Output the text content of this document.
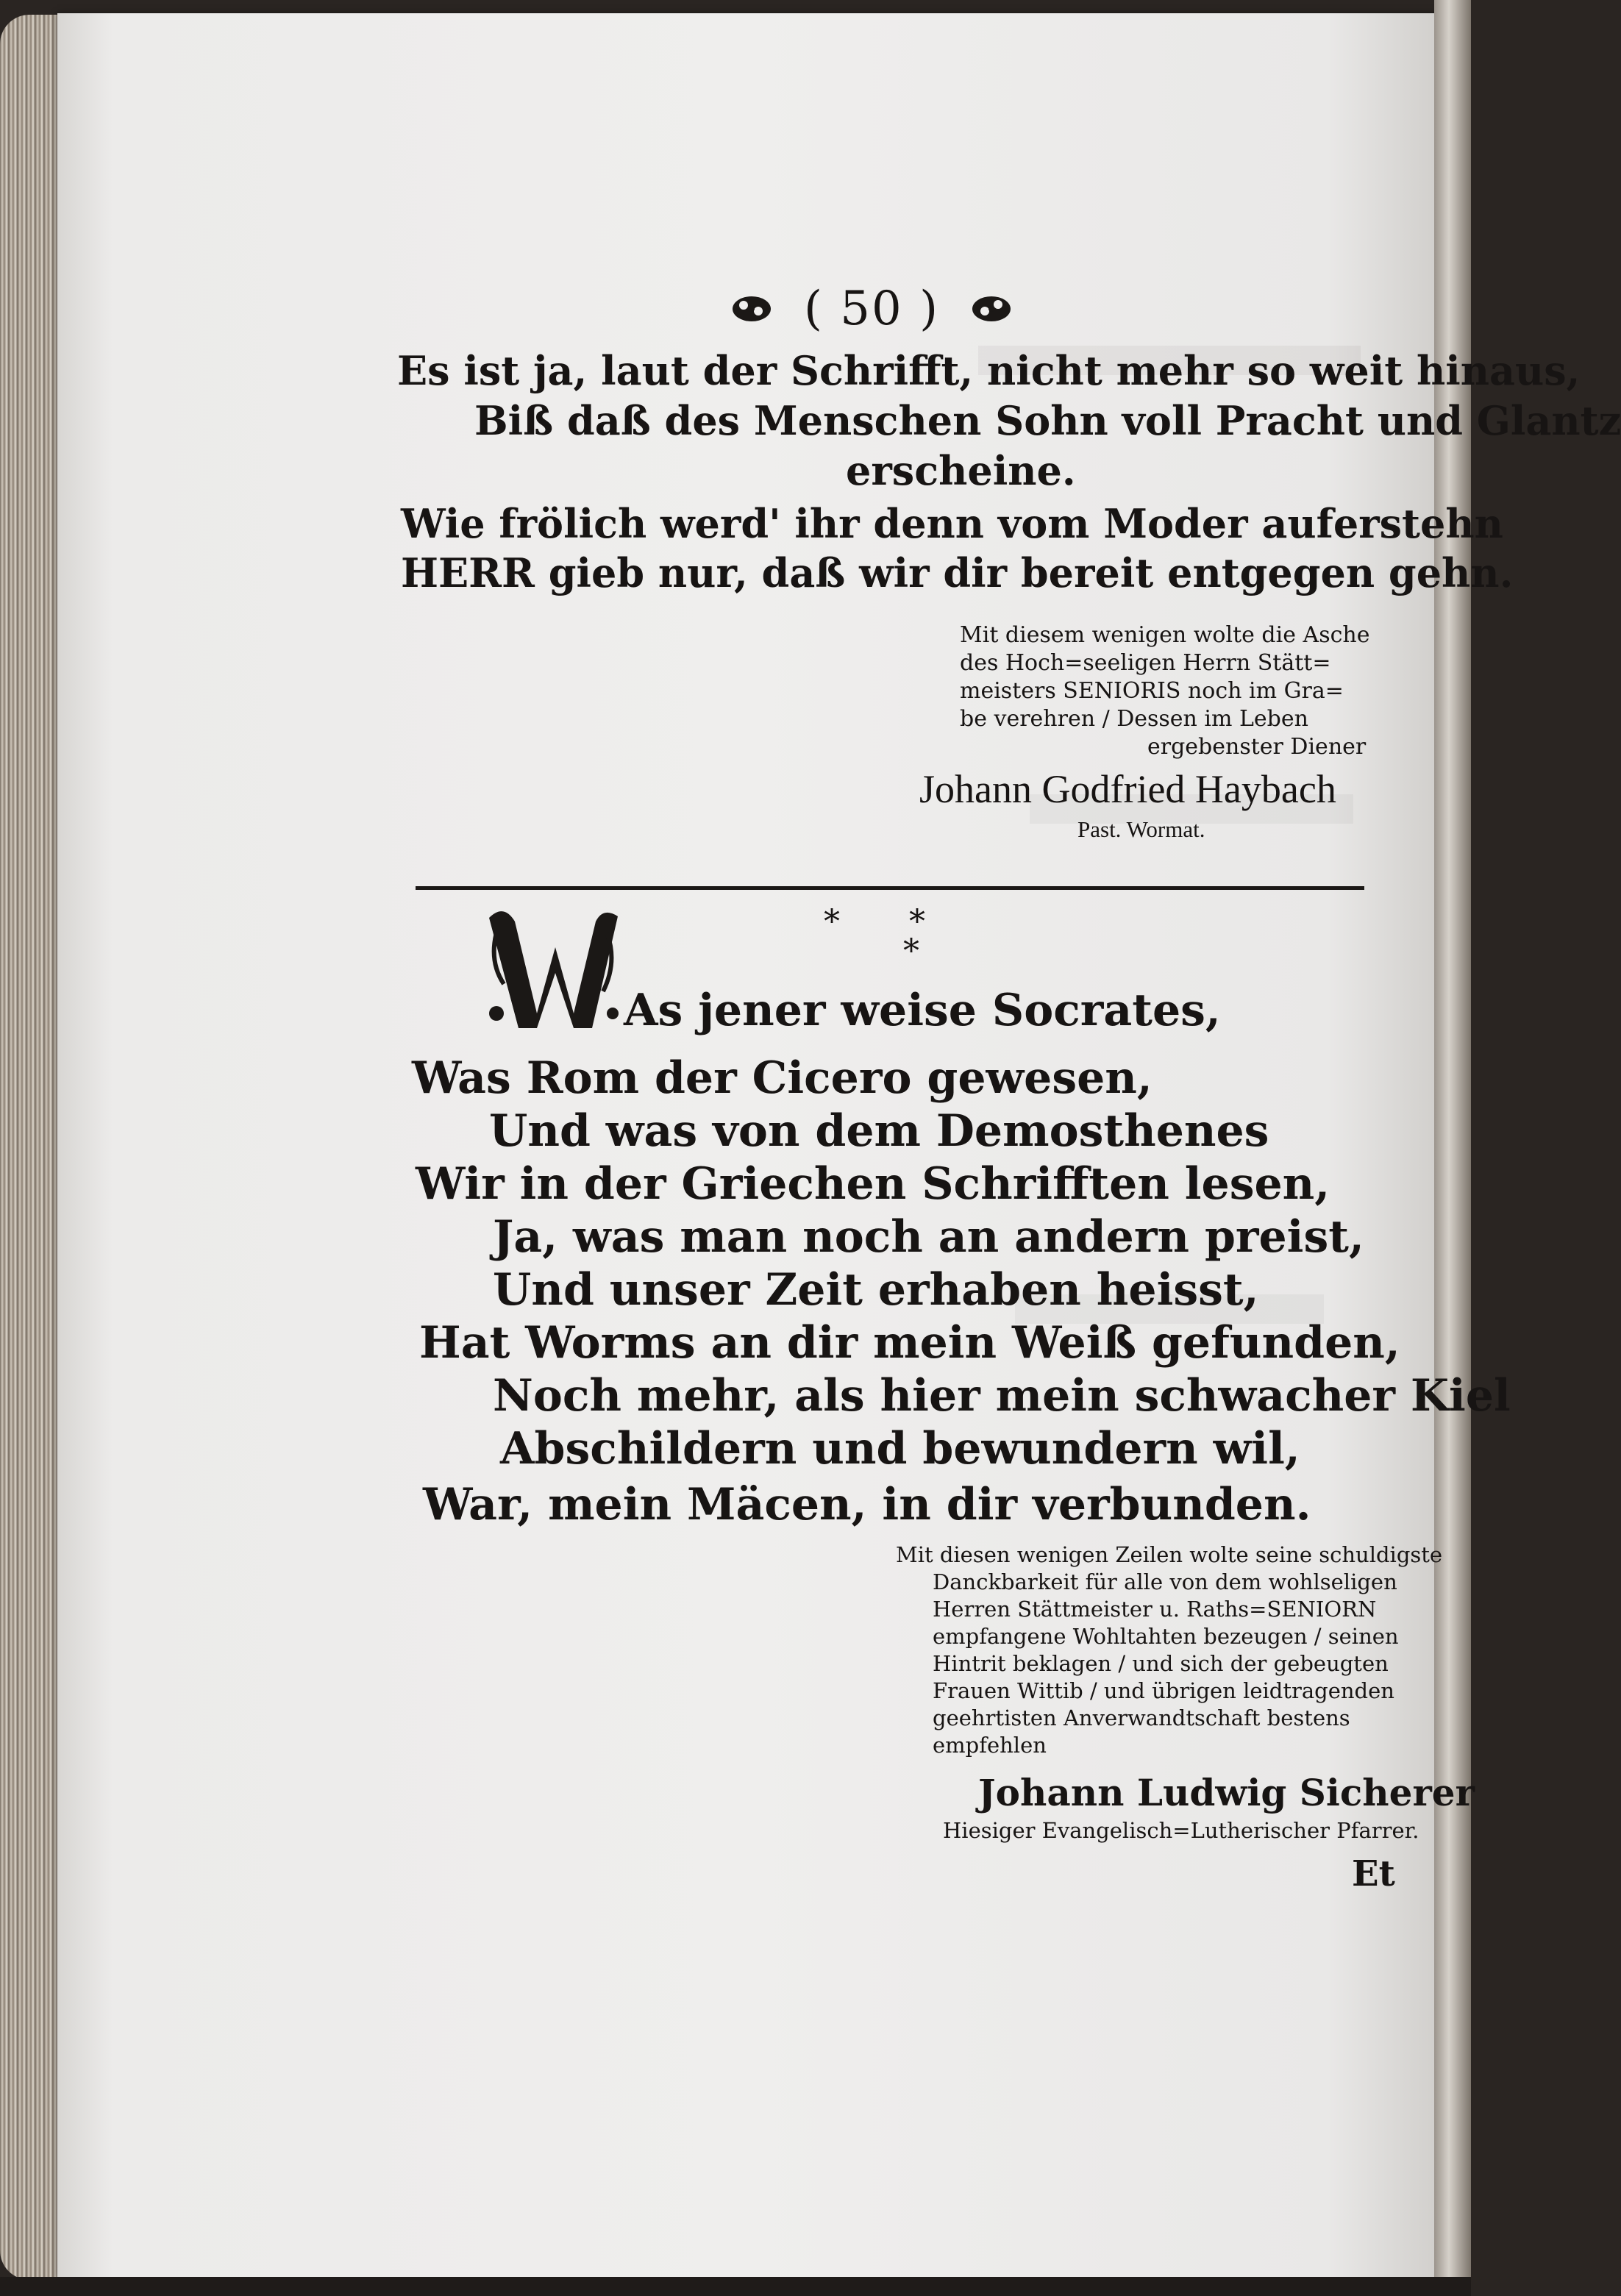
( 50 )
Es ist ja, laut der Schrifft, nicht mehr so weit hinaus,
Biß daß des Menschen Sohn voll Pracht und Glantz
erscheine.
Wie frölich werd' ihr denn vom Moder auferstehn
HERR gieb nur, daß wir dir bereit entgegen gehn.
Mit diesem wenigen wolte die Asche
des Hoch=seeligen Herrn Stätt=
meisters SENIORIS noch im Gra=
be verehren / Dessen im Leben
ergebenster Diener
Johann Godfried Haybach
Past. Wormat.
* *
*
As jener weise Socrates,
Was Rom der Cicero gewesen,
Und was von dem Demosthenes
Wir in der Griechen Schrifften lesen,
Ja, was man noch an andern preist,
Und unser Zeit erhaben heisst,
Hat Worms an dir mein Weiß gefunden,
Noch mehr, als hier mein schwacher Kiel
Abschildern und bewundern wil,
War, mein Mäcen, in dir verbunden.
Mit diesen wenigen Zeilen wolte seine schuldigste
Danckbarkeit für alle von dem wohlseligen
Herren Stättmeister u. Raths=SENIORN
empfangene Wohltahten bezeugen / seinen
Hintrit beklagen / und sich der gebeugten
Frauen Wittib / und übrigen leidtragenden
geehrtisten Anverwandtschaft bestens
empfehlen
Johann Ludwig Sicherer
Hiesiger Evangelisch=Lutherischer Pfarrer.
Et
